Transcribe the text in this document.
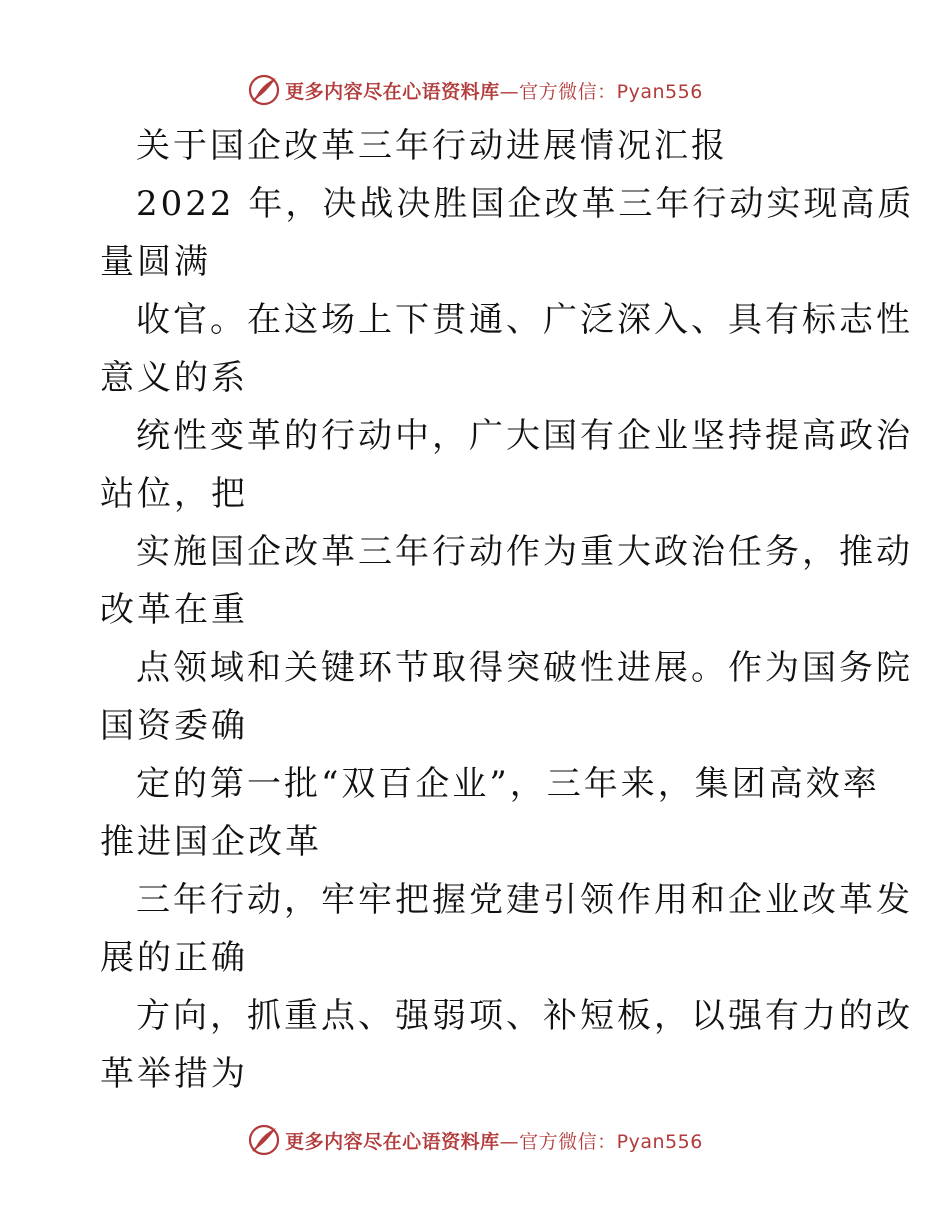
更多内容尽在心语资料库—官方微信：Pyan556
关于国企改革三年行动进展情况汇报
2022 年，决战决胜国企改革三年行动实现高质
量圆满
收官。在这场上下贯通、广泛深入、具有标志性
意义的系
统性变革的行动中，广大国有企业坚持提高政治
站位，把
实施国企改革三年行动作为重大政治任务，推动
改革在重
点领域和关键环节取得突破性进展。作为国务院
国资委确
定的第一批“双百企业”，三年来，集团高效率
推进国企改革
三年行动，牢牢把握党建引领作用和企业改革发
展的正确
方向，抓重点、强弱项、补短板，以强有力的改
革举措为
更多内容尽在心语资料库—官方微信：Pyan556
